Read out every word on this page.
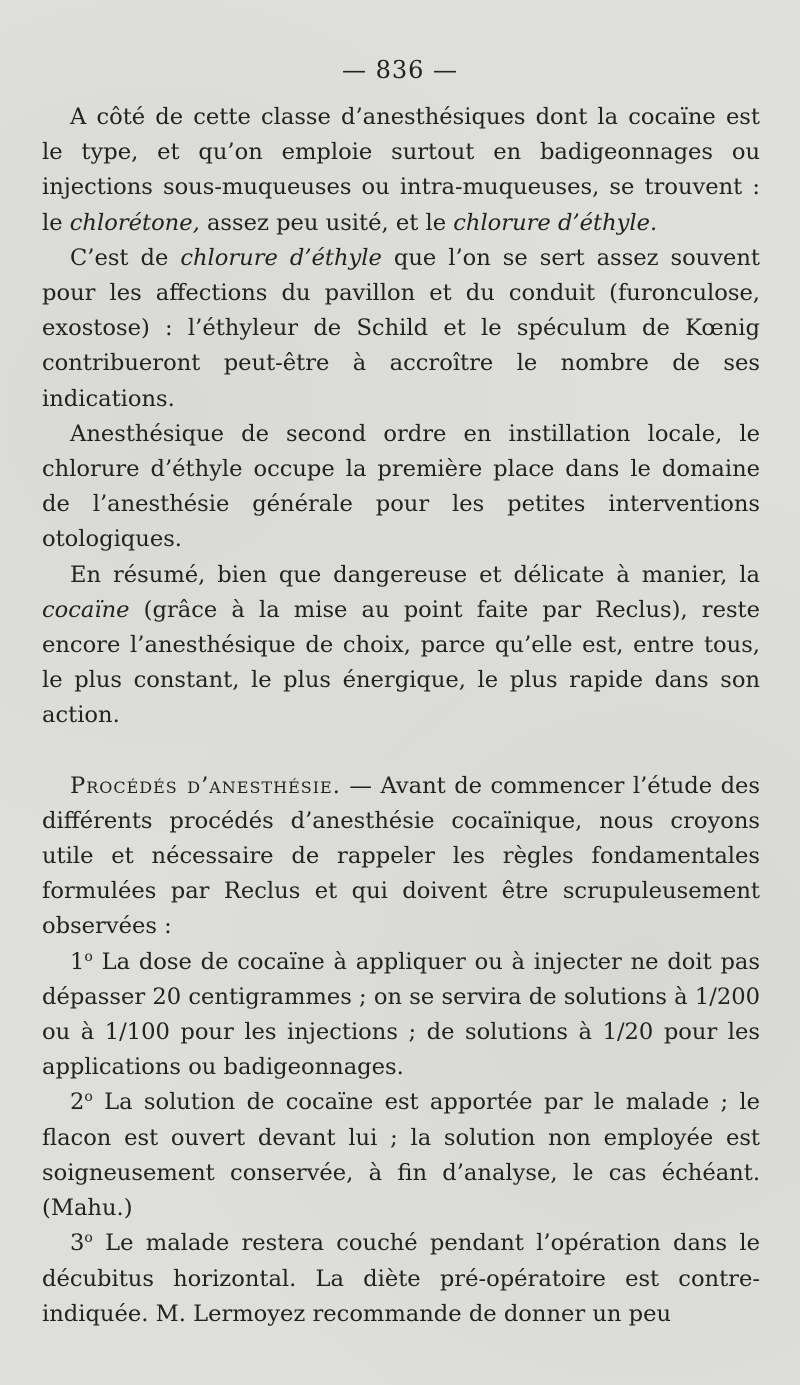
— 836 —

A côté de cette classe d’anesthésiques dont la cocaïne est le type, et qu’on emploie surtout en badigeonnages ou injections sous-muqueuses ou intra-muqueuses, se trouvent : le chlorétone, assez peu usité, et le chlorure d’éthyle.

C’est de chlorure d’éthyle que l’on se sert assez souvent pour les affections du pavillon et du conduit (furonculose, exostose) : l’éthyleur de Schild et le spéculum de Kœnig contribueront peut-être à accroître le nombre de ses indications.

Anesthésique de second ordre en instillation locale, le chlorure d’éthyle occupe la première place dans le domaine de l’anesthésie générale pour les petites interventions otologiques.

En résumé, bien que dangereuse et délicate à manier, la cocaïne (grâce à la mise au point faite par Reclus), reste encore l’anesthésique de choix, parce qu’elle est, entre tous, le plus constant, le plus énergique, le plus rapide dans son action.

Procédés d’anesthésie. — Avant de commencer l’étude des différents procédés d’anesthésie cocaïnique, nous croyons utile et nécessaire de rappeler les règles fondamentales formulées par Reclus et qui doivent être scrupuleusement observées :

1$^o$ La dose de cocaïne à appliquer ou à injecter ne doit pas dépasser 20 centigrammes ; on se servira de solutions à 1/200 ou à 1/100 pour les injections ; de solutions à 1/20 pour les applications ou badigeonnages.

2$^o$ La solution de cocaïne est apportée par le malade ; le flacon est ouvert devant lui ; la solution non employée est soigneusement conservée, à fin d’analyse, le cas échéant. (Mahu.)

3$^o$ Le malade restera couché pendant l’opération dans le décubitus horizontal. La diète pré-opératoire est contre-indiquée. M. Lermoyez recommande de donner un peu
